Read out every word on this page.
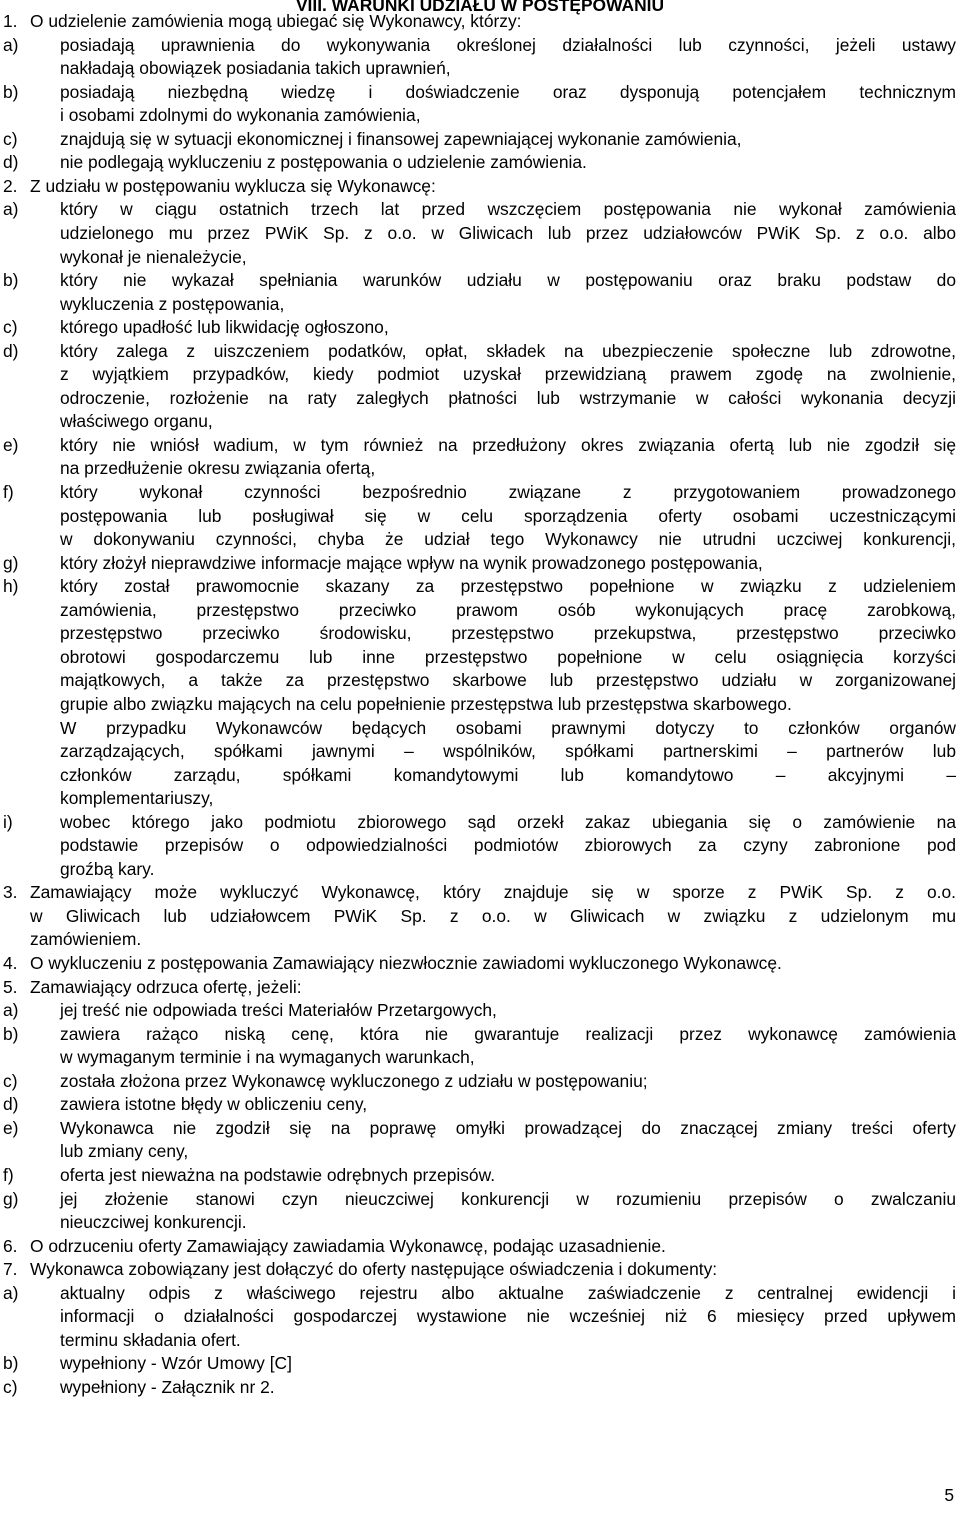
VIII. WARUNKI UDZIAŁU W POSTĘPOWANIU
1. O udzielenie zamówienia mogą ubiegać się Wykonawcy, którzy:
a) posiadają uprawnienia do wykonywania określonej działalności lub czynności, jeżeli ustawy
nakładają obowiązek posiadania takich uprawnień,
b) posiadają niezbędną wiedzę i doświadczenie oraz dysponują potencjałem technicznym
i osobami zdolnymi do wykonania zamówienia,
c) znajdują się w sytuacji ekonomicznej i finansowej zapewniającej wykonanie zamówienia,
d) nie podlegają wykluczeniu z postępowania o udzielenie zamówienia.
2. Z udziału w postępowaniu wyklucza się Wykonawcę:
a) który w ciągu ostatnich trzech lat przed wszczęciem postępowania nie wykonał zamówienia
udzielonego mu przez PWiK Sp. z o.o. w Gliwicach lub przez udziałowców PWiK Sp. z o.o. albo
wykonał je nienależycie,
b) który nie wykazał spełniania warunków udziału w postępowaniu oraz braku podstaw do
wykluczenia z postępowania,
c) którego upadłość lub likwidację ogłoszono,
d) który zalega z uiszczeniem podatków, opłat, składek na ubezpieczenie społeczne lub zdrowotne,
z wyjątkiem przypadków, kiedy podmiot uzyskał przewidzianą prawem zgodę na zwolnienie,
odroczenie, rozłożenie na raty zaległych płatności lub wstrzymanie w całości wykonania decyzji
właściwego organu,
e) który nie wniósł wadium, w tym również na przedłużony okres związania ofertą lub nie zgodził się
na przedłużenie okresu związania ofertą,
f)	który wykonał czynności bezpośrednio związane z przygotowaniem prowadzonego
postępowania lub posługiwał się w celu sporządzenia oferty osobami uczestniczącymi
w dokonywaniu czynności, chyba że udział tego Wykonawcy nie utrudni uczciwej konkurencji,
g) który złożył nieprawdziwe informacje mające wpływ na wynik prowadzonego postępowania,
h) który został prawomocnie skazany za przestępstwo popełnione w związku z udzieleniem
zamówienia, przestępstwo przeciwko prawom osób wykonujących pracę zarobkową,
przestępstwo przeciwko środowisku, przestępstwo przekupstwa, przestępstwo przeciwko
obrotowi gospodarczemu lub inne przestępstwo popełnione w celu osiągnięcia korzyści
majątkowych, a także za przestępstwo skarbowe lub przestępstwo udziału w zorganizowanej
grupie albo związku mających na celu popełnienie przestępstwa lub przestępstwa skarbowego.
W przypadku Wykonawców będących osobami prawnymi dotyczy to członków organów
zarządzających, spółkami jawnymi – wspólników, spółkami partnerskimi – partnerów lub
członków zarządu, spółkami komandytowymi lub komandytowo – akcyjnymi –
komplementariuszy,
i)	wobec którego jako podmiotu zbiorowego sąd orzekł zakaz ubiegania się o zamówienie na
podstawie przepisów o odpowiedzialności podmiotów zbiorowych za czyny zabronione pod
groźbą kary.
3. Zamawiający może wykluczyć Wykonawcę, który znajduje się w sporze z PWiK Sp. z o.o.
w Gliwicach lub udziałowcem PWiK Sp. z o.o. w Gliwicach w związku z udzielonym mu
zamówieniem.
4. O wykluczeniu z postępowania Zamawiający niezwłocznie zawiadomi wykluczonego Wykonawcę.
5. Zamawiający odrzuca ofertę, jeżeli:
a) jej treść nie odpowiada treści Materiałów Przetargowych,
b) zawiera rażąco niską cenę, która nie gwarantuje realizacji przez wykonawcę zamówienia
w wymaganym terminie i na wymaganych warunkach,
c) została złożona przez Wykonawcę wykluczonego z udziału w postępowaniu;
d) zawiera istotne błędy w obliczeniu ceny,
e) Wykonawca nie zgodził się na poprawę omyłki prowadzącej do znaczącej zmiany treści oferty
lub zmiany ceny,
f)	oferta jest nieważna na podstawie odrębnych przepisów.
g) jej złożenie stanowi czyn nieuczciwej konkurencji w rozumieniu przepisów o zwalczaniu
nieuczciwej konkurencji.
6. O odrzuceniu oferty Zamawiający zawiadamia Wykonawcę, podając uzasadnienie.
7. Wykonawca zobowiązany jest dołączyć do oferty następujące oświadczenia i dokumenty:
a) aktualny odpis z właściwego rejestru albo aktualne zaświadczenie z centralnej ewidencji i
informacji o działalności gospodarczej wystawione nie wcześniej niż 6 miesięcy przed upływem
terminu składania ofert.
b) wypełniony - Wzór Umowy [C]
c) wypełniony - Załącznik nr 2.
5
